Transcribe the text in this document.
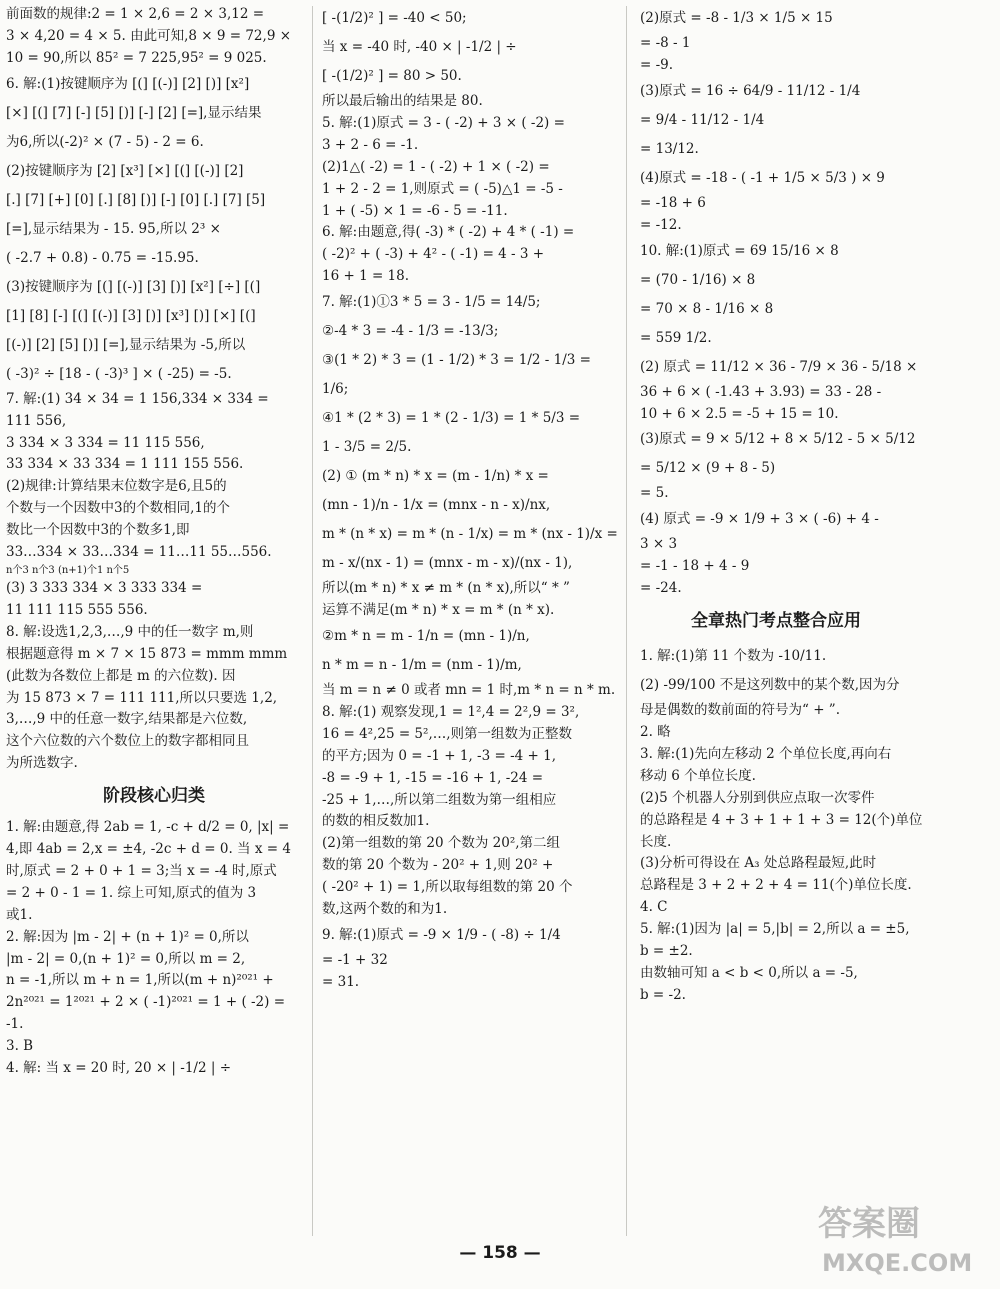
前面数的规律:2 = 1 × 2,6 = 2 × 3,12 =
3 × 4,20 = 4 × 5. 由此可知,8 × 9 = 72,9 ×
10 = 90,所以 85² = 7 225,95² = 9 025.
6. 解:(1)按键顺序为 [(] [(-)] [2] [)] [x²]
[×] [(] [7] [-] [5] [)] [-] [2] [=],显示结果
为6,所以(-2)² × (7 - 5) - 2 = 6.
(2)按键顺序为 [2] [x³] [×] [(] [(-)] [2]
[.] [7] [+] [0] [.] [8] [)] [-] [0] [.] [7] [5]
[=],显示结果为 - 15. 95,所以 2³ ×
( -2.7 + 0.8) - 0.75 = -15.95.
(3)按键顺序为 [(] [(-)] [3] [)] [x²] [÷] [(]
[1] [8] [-] [(] [(-)] [3] [)] [x³] [)] [×] [(]
[(-)] [2] [5] [)] [=],显示结果为 -5,所以
( -3)² ÷ [18 - ( -3)³ ] × ( -25) = -5.
7. 解:(1) 34 × 34 = 1 156,334 × 334 =
111 556,
3 334 × 3 334 = 11 115 556,
33 334 × 33 334 = 1 111 155 556.
(2)规律:计算结果末位数字是6,且5的
个数与一个因数中3的个数相同,1的个
数比一个因数中3的个数多1,即
33…334 × 33…334 = 11…11 55…556.
n个3 n个3 (n+1)个1 n个5
(3) 3 333 334 × 3 333 334 =
11 111 115 555 556.
8. 解:设选1,2,3,…,9 中的任一数字 m,则
根据题意得 m × 7 × 15 873 = mmm mmm
(此数为各数位上都是 m 的六位数). 因
为 15 873 × 7 = 111 111,所以只要选 1,2,
3,…,9 中的任意一数字,结果都是六位数,
这个六位数的六个数位上的数字都相同且
为所选数字.
阶段核心归类
1. 解:由题意,得 2ab = 1, -c + d/2 = 0, |x| =
4,即 4ab = 2,x = ±4, -2c + d = 0. 当 x = 4
时,原式 = 2 + 0 + 1 = 3;当 x = -4 时,原式
= 2 + 0 - 1 = 1. 综上可知,原式的值为 3
或1.
2. 解:因为 |m - 2| + (n + 1)² = 0,所以
|m - 2| = 0,(n + 1)² = 0,所以 m = 2,
n = -1,所以 m + n = 1,所以(m + n)²⁰²¹ +
2n²⁰²¹ = 1²⁰²¹ + 2 × ( -1)²⁰²¹ = 1 + ( -2) =
-1.
3. B
4. 解: 当 x = 20 时, 20 × | -1/2 | ÷
[ -(1/2)² ] = -40 < 50;
当 x = -40 时, -40 × | -1/2 | ÷
[ -(1/2)² ] = 80 > 50.
所以最后输出的结果是 80.
5. 解:(1)原式 = 3 - ( -2) + 3 × ( -2) =
3 + 2 - 6 = -1.
(2)1△( -2) = 1 - ( -2) + 1 × ( -2) =
1 + 2 - 2 = 1,则原式 = ( -5)△1 = -5 -
1 + ( -5) × 1 = -6 - 5 = -11.
6. 解:由题意,得( -3) * ( -2) + 4 * ( -1) =
( -2)² + ( -3) + 4² - ( -1) = 4 - 3 +
16 + 1 = 18.
7. 解:(1)①3 * 5 = 3 - 1/5 = 14/5;
②-4 * 3 = -4 - 1/3 = -13/3;
③(1 * 2) * 3 = (1 - 1/2) * 3 = 1/2 - 1/3 =
1/6;
④1 * (2 * 3) = 1 * (2 - 1/3) = 1 * 5/3 =
1 - 3/5 = 2/5.
(2) ① (m * n) * x = (m - 1/n) * x =
(mn - 1)/n - 1/x = (mnx - n - x)/nx,
m * (n * x) = m * (n - 1/x) = m * (nx - 1)/x =
m - x/(nx - 1) = (mnx - m - x)/(nx - 1),
所以(m * n) * x ≠ m * (n * x),所以“ * ”
运算不满足(m * n) * x = m * (n * x).
②m * n = m - 1/n = (mn - 1)/n,
n * m = n - 1/m = (nm - 1)/m,
当 m = n ≠ 0 或者 mn = 1 时,m * n = n * m.
8. 解:(1) 观察发现,1 = 1²,4 = 2²,9 = 3²,
16 = 4²,25 = 5²,…,则第一组数为正整数
的平方;因为 0 = -1 + 1, -3 = -4 + 1,
-8 = -9 + 1, -15 = -16 + 1, -24 =
-25 + 1,…,所以第二组数为第一组相应
的数的相反数加1.
(2)第一组数的第 20 个数为 20²,第二组
数的第 20 个数为 - 20² + 1,则 20² +
( -20² + 1) = 1,所以取每组数的第 20 个
数,这两个数的和为1.
9. 解:(1)原式 = -9 × 1/9 - ( -8) ÷ 1/4
= -1 + 32
= 31.
(2)原式 = -8 - 1/3 × 1/5 × 15
= -8 - 1
= -9.
(3)原式 = 16 ÷ 64/9 - 11/12 - 1/4
= 9/4 - 11/12 - 1/4
= 13/12.
(4)原式 = -18 - ( -1 + 1/5 × 5/3 ) × 9
= -18 + 6
= -12.
10. 解:(1)原式 = 69 15/16 × 8
= (70 - 1/16) × 8
= 70 × 8 - 1/16 × 8
= 559 1/2.
(2) 原式 = 11/12 × 36 - 7/9 × 36 - 5/18 ×
36 + 6 × ( -1.43 + 3.93) = 33 - 28 -
10 + 6 × 2.5 = -5 + 15 = 10.
(3)原式 = 9 × 5/12 + 8 × 5/12 - 5 × 5/12
= 5/12 × (9 + 8 - 5)
= 5.
(4) 原式 = -9 × 1/9 + 3 × ( -6) + 4 -
3 × 3
= -1 - 18 + 4 - 9
= -24.
全章热门考点整合应用
1. 解:(1)第 11 个数为 -10/11.
(2) -99/100 不是这列数中的某个数,因为分
母是偶数的数前面的符号为“ + ”.
2. 略
3. 解:(1)先向左移动 2 个单位长度,再向右
移动 6 个单位长度.
(2)5 个机器人分别到供应点取一次零件
的总路程是 4 + 3 + 1 + 1 + 3 = 12(个)单位
长度.
(3)分析可得设在 A₃ 处总路程最短,此时
总路程是 3 + 2 + 2 + 4 = 11(个)单位长度.
4. C
5. 解:(1)因为 |a| = 5,|b| = 2,所以 a = ±5,
b = ±2.
由数轴可知 a < b < 0,所以 a = -5,
b = -2.
— 158 —
答案圈
MXQE.COM
